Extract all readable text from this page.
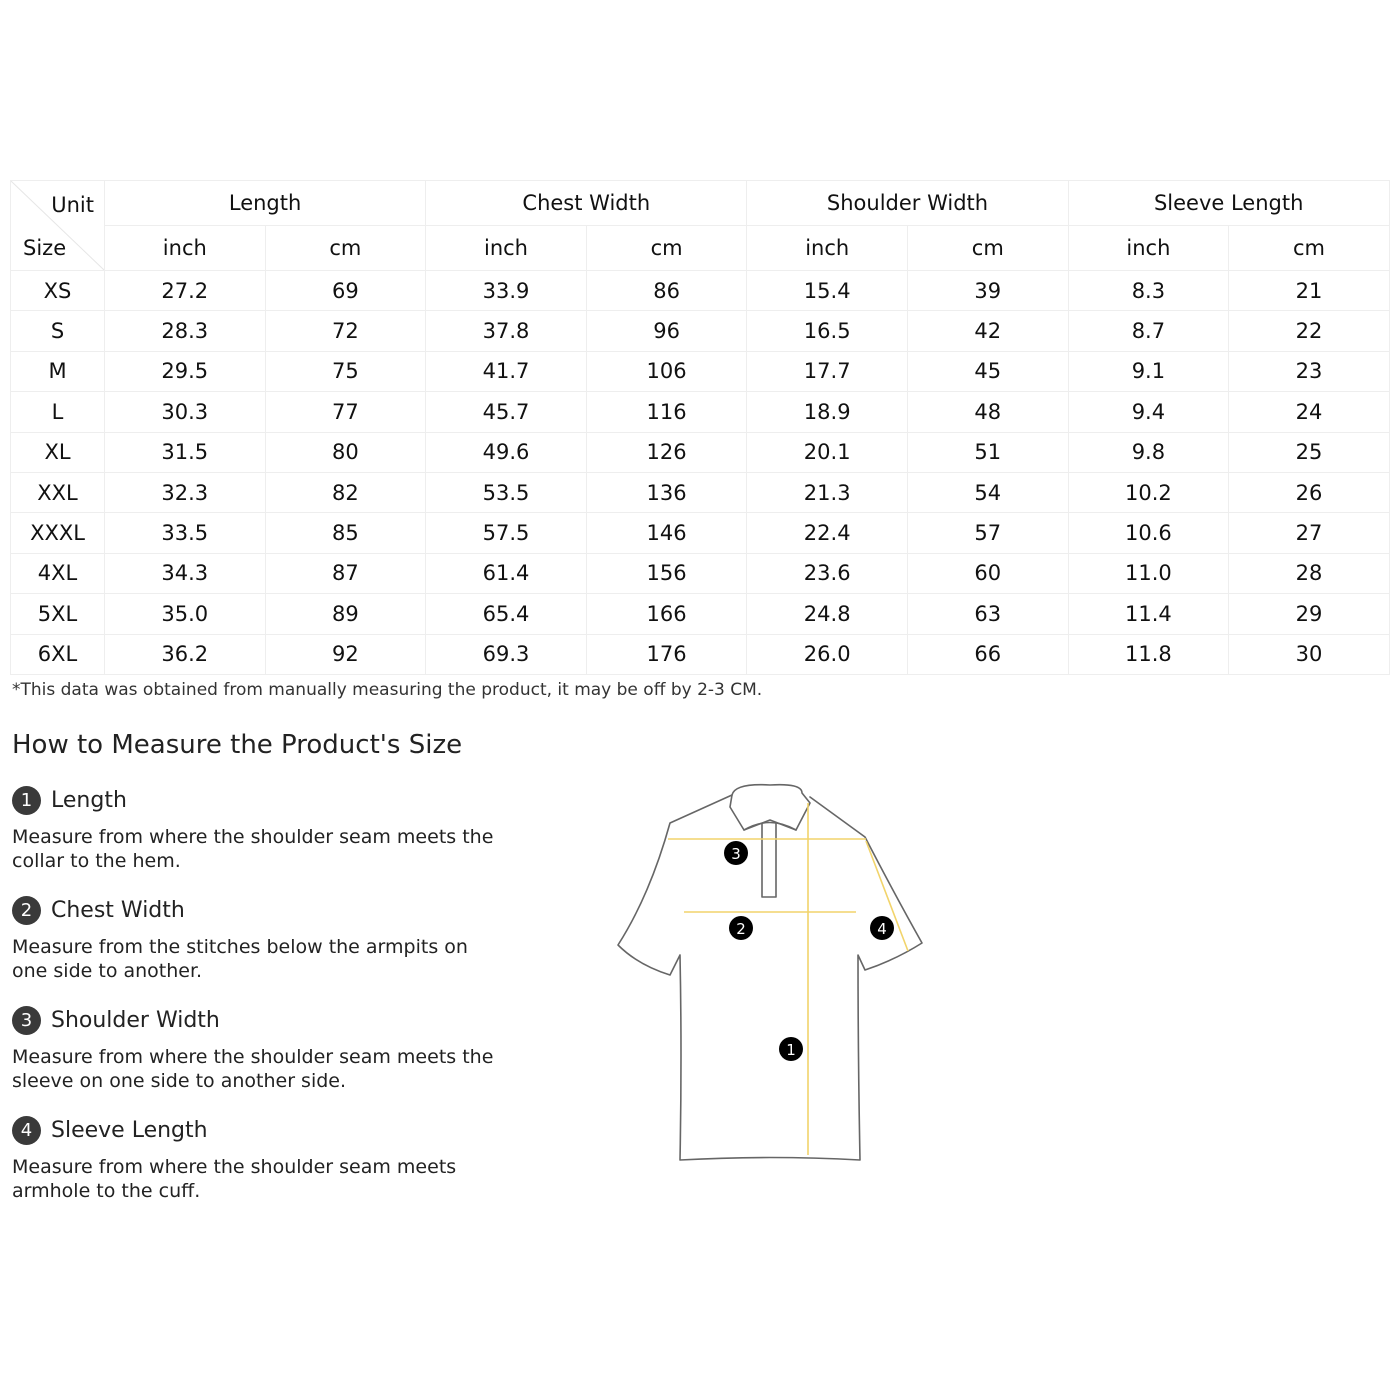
Unit
Size	Length		Chest Width		Shoulder Width		Sleeve Length	
	inch	cm	inch	cm	inch	cm	inch	cm
XS	27.2	69	33.9	86	15.4	39	8.3	21
S	28.3	72	37.8	96	16.5	42	8.7	22
M	29.5	75	41.7	106	17.7	45	9.1	23
L	30.3	77	45.7	116	18.9	48	9.4	24
XL	31.5	80	49.6	126	20.1	51	9.8	25
XXL	32.3	82	53.5	136	21.3	54	10.2	26
XXXL	33.5	85	57.5	146	22.4	57	10.6	27
4XL	34.3	87	61.4	156	23.6	60	11.0	28
5XL	35.0	89	65.4	166	24.8	63	11.4	29
6XL	36.2	92	69.3	176	26.0	66	11.8	30
*This data was obtained from manually measuring the product, it may be off by 2-3 CM.
How to Measure the Product's Size
1 Length
Measure from where the shoulder seam meets the collar to the hem.
2 Chest Width
Measure from the stitches below the armpits on one side to another.
3 Shoulder Width
Measure from where the shoulder seam meets the sleeve on one side to another side.
4 Sleeve Length
Measure from where the shoulder seam meets armhole to the cuff.
1
2
3
4
